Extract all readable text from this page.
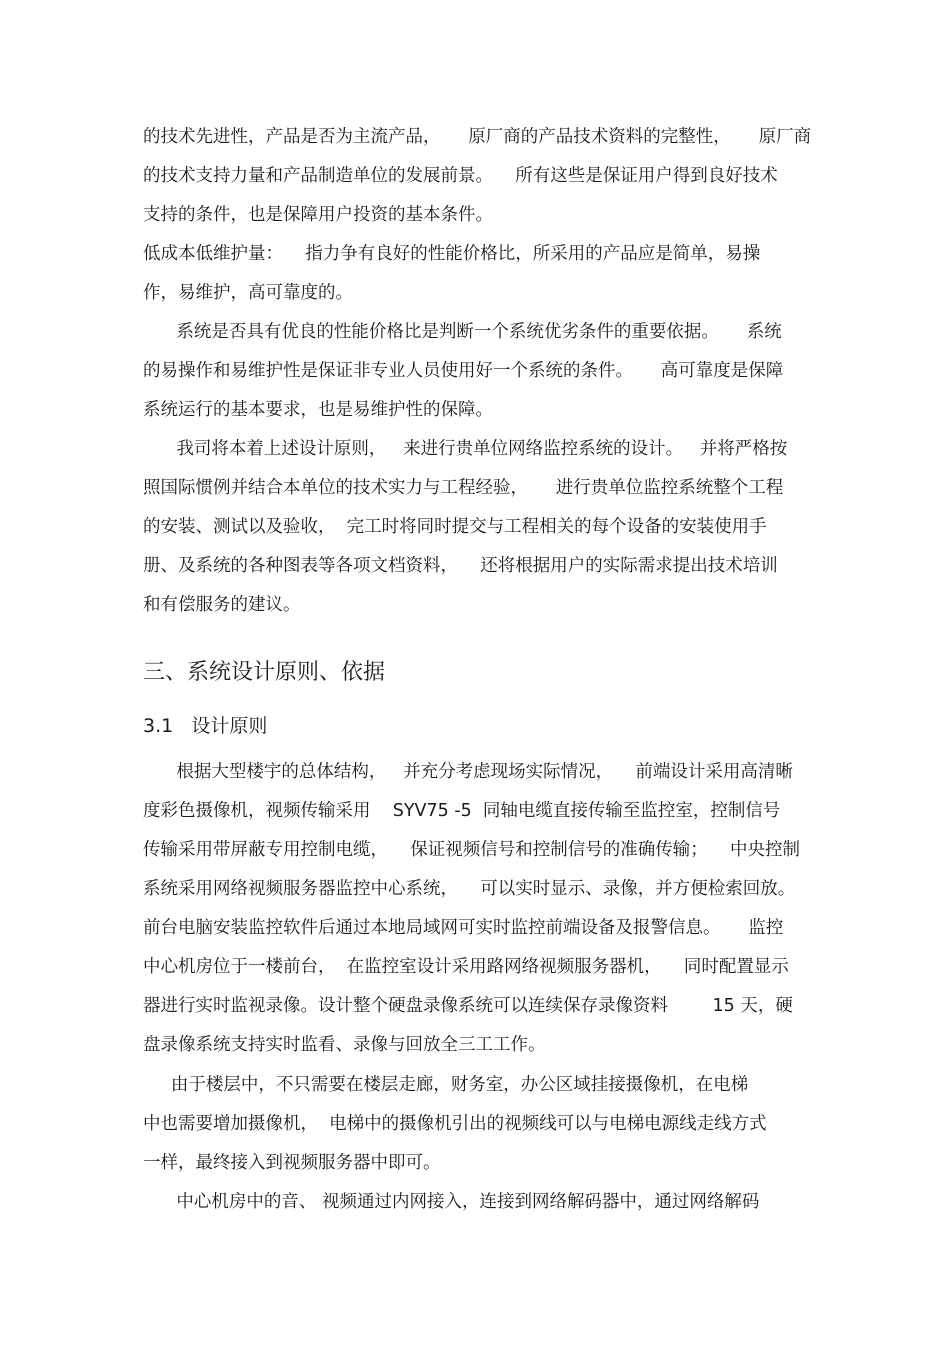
的技术先进性，产品是否为主流产品，     原厂商的产品技术资料的完整性，     原厂商
的技术支持力量和产品制造单位的发展前景。    所有这些是保证用户得到良好技术
支持的条件，也是保障用户投资的基本条件。
低成本低维护量：    指力争有良好的性能价格比，所采用的产品应是简单，易操
作，易维护，高可靠度的。
系统是否具有优良的性能价格比是判断一个系统优劣条件的重要依据。     系统
的易操作和易维护性是保证非专业人员使用好一个系统的条件。     高可靠度是保障
系统运行的基本要求，也是易维护性的保障。
我司将本着上述设计原则，   来进行贵单位网络监控系统的设计。   并将严格按
照国际惯例并结合本单位的技术实力与工程经验，     进行贵单位监控系统整个工程
的安装、测试以及验收，  完工时将同时提交与工程相关的每个设备的安装使用手
册、及系统的各种图表等各项文档资料，    还将根据用户的实际需求提出技术培训
和有偿服务的建议。
三、系统设计原则、依据
3.1   设计原则
根据大型楼宇的总体结构，   并充分考虑现场实际情况，    前端设计采用高清晰
度彩色摄像机，视频传输采用    SYV75 -5  同轴电缆直接传输至监控室，控制信号
传输采用带屏蔽专用控制电缆，    保证视频信号和控制信号的准确传输；    中央控制
系统采用网络视频服务器监控中心系统，    可以实时显示、录像，并方便检索回放。
前台电脑安装监控软件后通过本地局域网可实时监控前端设备及报警信息。     监控
中心机房位于一楼前台，  在监控室设计采用路网络视频服务器机，    同时配置显示
器进行实时监视录像。设计整个硬盘录像系统可以连续保存录像资料        15 天，硬
盘录像系统支持实时监看、录像与回放全三工工作。
由于楼层中，不只需要在楼层走廊，财务室，办公区域挂接摄像机，在电梯
中也需要增加摄像机，  电梯中的摄像机引出的视频线可以与电梯电源线走线方式
一样，最终接入到视频服务器中即可。
中心机房中的音、 视频通过内网接入，连接到网络解码器中，通过网络解码
